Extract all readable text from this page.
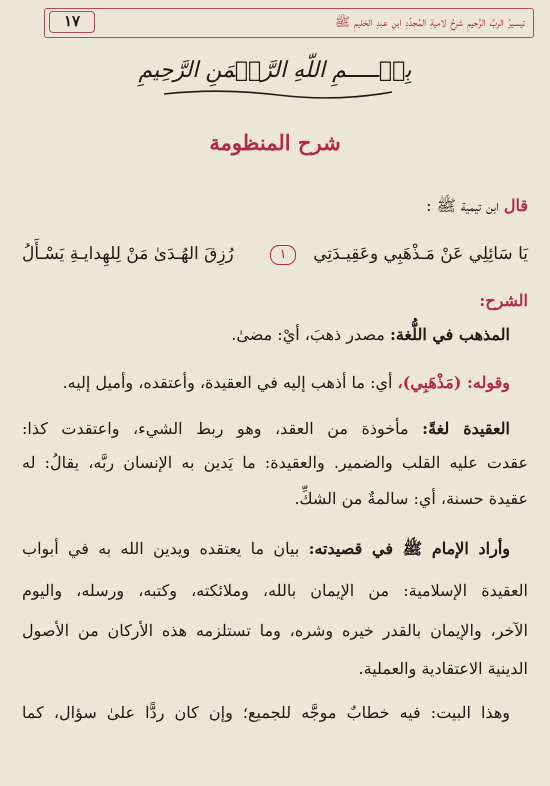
تيسيرُ الربِّ الرَّحيمِ شرحُ لاميةِ المُجدِّدِ ابنِ عبدِ الحَليمِ ﷺ
١٧
بِسۡـــــمِ اللّهِ الرَّحۡمَنِ الرَّحِيمِ
شرح المنظومة
قال ابن تيمية ﷺ :
يَا سَائِلِي عَنْ مَـذْهَبِي وعَقِيـدَتِي
١
رُزِقَ الهُـدَىٰ مَنْ لِلهِدايـةِ يَسْـأَلُ
الشرح:
المذهب في اللُّغة: مصدر ذهبَ، أيْ: مضىٰ.
وقوله: (مَذْهَبِي)، أي: ما أذهب إليه في العقيدة، وأعتقده، وأميل إليه.
العقيدة لغةً: مأخوذة من العقد، وهو ربط الشيء، واعتقدت كذا:
عقدت عليه القلب والضمير. والعقيدة: ما يَدين به الإنسان ربَّه، يقالُ: له
عقيدة حسنة، أي: سالمةٌ من الشكِّ.
وأراد الإمام ﷺ في قصيدته: بيان ما يعتقده ويدين الله به في أبواب
العقيدة الإسلامية: من الإيمان بالله، وملائكته، وكتبه، ورسله، واليوم
الآخر، والإيمان بالقدر خيره وشره، وما تستلزمه هذه الأركان من الأصول
الدينية الاعتقادية والعملية.
وهذا البيت: فيه خطابٌ موجَّه للجميع؛ وإن كان ردًّا علىٰ سؤال، كما
